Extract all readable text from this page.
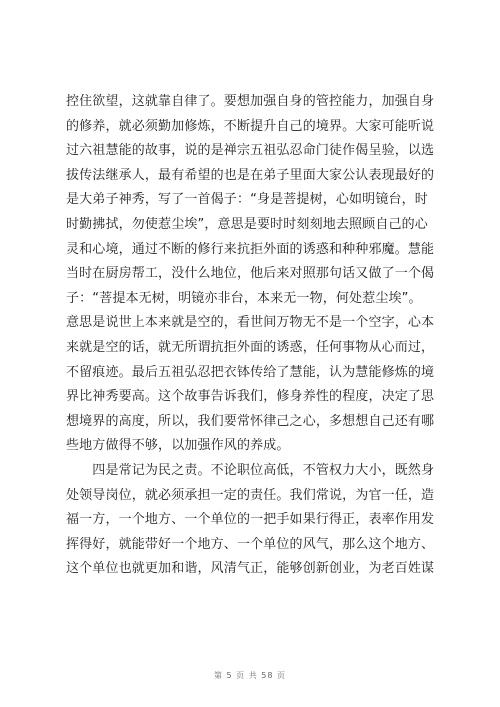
控住欲望，这就靠自律了。要想加强自身的管控能力，加强自身
的修养，就必须勤加修炼，不断提升自己的境界。大家可能听说
过六祖慧能的故事，说的是禅宗五祖弘忍命门徒作偈呈验，以选
拔传法继承人，最有希望的也是在弟子里面大家公认表现最好的
是大弟子神秀，写了一首偈子：“身是菩提树，心如明镜台，时
时勤拂拭，勿使惹尘埃”，意思是要时时刻刻地去照顾自己的心
灵和心境，通过不断的修行来抗拒外面的诱惑和种种邪魔。慧能
当时在厨房帮工，没什么地位，他后来对照那句话又做了一个偈
子：“菩提本无树，明镜亦非台，本来无一物，何处惹尘埃”。
意思是说世上本来就是空的，看世间万物无不是一个空字，心本
来就是空的话，就无所谓抗拒外面的诱惑，任何事物从心而过，
不留痕迹。最后五祖弘忍把衣钵传给了慧能，认为慧能修炼的境
界比神秀要高。这个故事告诉我们，修身养性的程度，决定了思
想境界的高度，所以，我们要常怀律己之心，多想想自己还有哪
些地方做得不够，以加强作风的养成。
　　四是常记为民之责。不论职位高低，不管权力大小，既然身
处领导岗位，就必须承担一定的责任。我们常说，为官一任，造
福一方，一个地方、一个单位的一把手如果行得正，表率作用发
挥得好，就能带好一个地方、一个单位的风气，那么这个地方、
这个单位也就更加和谐，风清气正，能够创新创业，为老百姓谋
第 5 页 共 58 页
